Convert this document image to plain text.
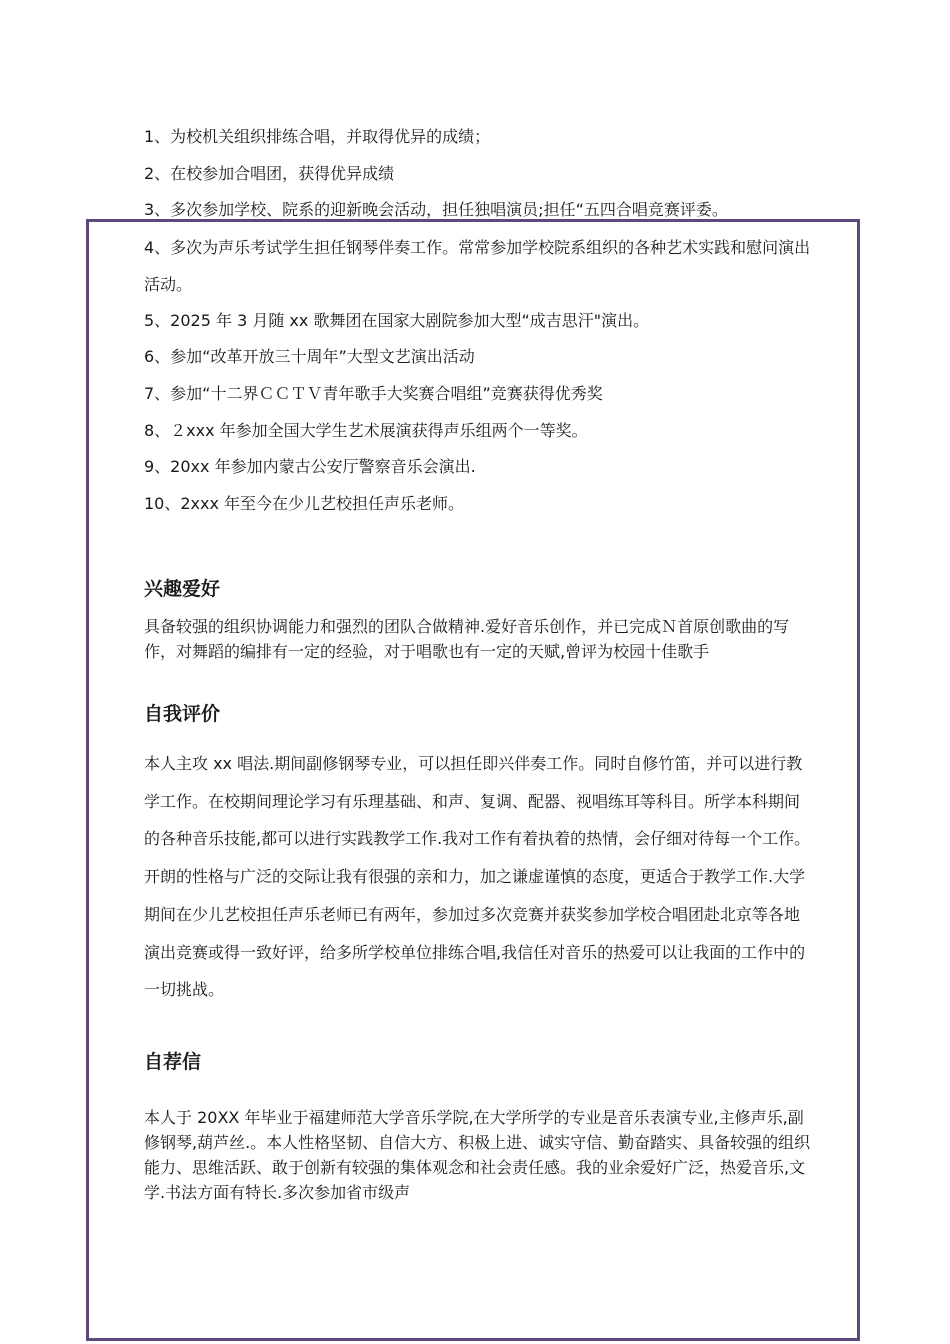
1、为校机关组织排练合唱，并取得优异的成绩；
2、在校参加合唱团，获得优异成绩
3、多次参加学校、院系的迎新晚会活动，担任独唱演员;担任“五四合唱竞赛评委。
4、多次为声乐考试学生担任钢琴伴奏工作。常常参加学校院系组织的各种艺术实践和慰问演出活动。
5、2025 年 3 月随 xx 歌舞团在国家大剧院参加大型“成吉思汗"演出。
6、参加“改革开放三十周年”大型文艺演出活动
7、参加“十二界ＣＣＴＶ青年歌手大奖赛合唱组”竞赛获得优秀奖
8、２xxx 年参加全国大学生艺术展演获得声乐组两个一等奖。
9、20xx 年参加内蒙古公安厅警察音乐会演出.
10、2xxx 年至今在少儿艺校担任声乐老师。
兴趣爱好
具备较强的组织协调能力和强烈的团队合做精神.爱好音乐创作，并已完成Ｎ首原创歌曲的写作，对舞蹈的编排有一定的经验，对于唱歌也有一定的天赋,曾评为校园十佳歌手
自我评价
本人主攻 xx 唱法.期间副修钢琴专业，可以担任即兴伴奏工作。同时自修竹笛，并可以进行教学工作。在校期间理论学习有乐理基础、和声、复调、配器、视唱练耳等科目。所学本科期间的各种音乐技能,都可以进行实践教学工作.我对工作有着执着的热情，会仔细对待每一个工作。开朗的性格与广泛的交际让我有很强的亲和力，加之谦虚谨慎的态度，更适合于教学工作.大学期间在少儿艺校担任声乐老师已有两年，参加过多次竞赛并获奖参加学校合唱团赴北京等各地演出竞赛或得一致好评，给多所学校单位排练合唱,我信任对音乐的热爱可以让我面的工作中的一切挑战。
自荐信
本人于 20XX 年毕业于福建师范大学音乐学院,在大学所学的专业是音乐表演专业,主修声乐,副修钢琴,葫芦丝.。本人性格坚韧、自信大方、积极上进、诚实守信、勤奋踏实、具备较强的组织能力、思维活跃、敢于创新有较强的集体观念和社会责任感。我的业余爱好广泛，热爱音乐,文学.书法方面有特长.多次参加省市级声
